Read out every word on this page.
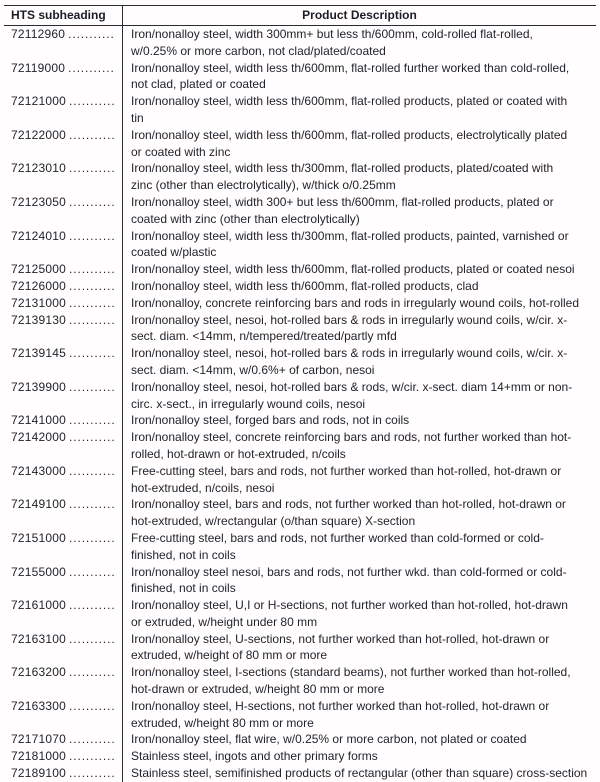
HTS subheading	Product Description
72112960 ...........	Iron/nonalloy steel, width 300mm+ but less th/600mm, cold-rolled flat-rolled,
w/0.25% or more carbon, not clad/plated/coated

72119000 ...........	Iron/nonalloy steel, width less th/600mm, flat-rolled further worked than cold-rolled,
not clad, plated or coated

72121000 ...........	Iron/nonalloy steel, width less th/600mm, flat-rolled products, plated or coated with
tin

72122000 ...........	Iron/nonalloy steel, width less th/600mm, flat-rolled products, electrolytically plated
or coated with zinc

72123010 ...........	Iron/nonalloy steel, width less th/300mm, flat-rolled products, plated/coated with
zinc (other than electrolytically), w/thick o/0.25mm

72123050 ...........	Iron/nonalloy steel, width 300+ but less th/600mm, flat-rolled products, plated or
coated with zinc (other than electrolytically)

72124010 ...........	Iron/nonalloy steel, width less th/300mm, flat-rolled products, painted, varnished or
coated w/plastic

72125000 ...........	Iron/nonalloy steel, width less th/600mm, flat-rolled products, plated or coated nesoi

72126000 ...........	Iron/nonalloy steel, width less th/600mm, flat-rolled products, clad

72131000 ...........	Iron/nonalloy, concrete reinforcing bars and rods in irregularly wound coils, hot-rolled

72139130 ...........	Iron/nonalloy steel, nesoi, hot-rolled bars & rods in irregularly wound coils, w/cir. x-
sect. diam. <14mm, n/tempered/treated/partly mfd

72139145 ...........	Iron/nonalloy steel, nesoi, hot-rolled bars & rods in irregularly wound coils, w/cir. x-
sect. diam. <14mm, w/0.6%+ of carbon, nesoi

72139900 ...........	Iron/nonalloy steel, nesoi, hot-rolled bars & rods, w/cir. x-sect. diam 14+mm or non-
circ. x-sect., in irregularly wound coils, nesoi

72141000 ...........	Iron/nonalloy steel, forged bars and rods, not in coils

72142000 ...........	Iron/nonalloy steel, concrete reinforcing bars and rods, not further worked than hot-
rolled, hot-drawn or hot-extruded, n/coils

72143000 ...........	Free-cutting steel, bars and rods, not further worked than hot-rolled, hot-drawn or
hot-extruded, n/coils, nesoi

72149100 ...........	Iron/nonalloy steel, bars and rods, not further worked than hot-rolled, hot-drawn or
hot-extruded, w/rectangular (o/than square) X-section

72151000 ...........	Free-cutting steel, bars and rods, not further worked than cold-formed or cold-
finished, not in coils

72155000 ...........	Iron/nonalloy steel nesoi, bars and rods, not further wkd. than cold-formed or cold-
finished, not in coils

72161000 ...........	Iron/nonalloy steel, U,I or H-sections, not further worked than hot-rolled, hot-drawn
or extruded, w/height under 80 mm

72163100 ...........	Iron/nonalloy steel, U-sections, not further worked than hot-rolled, hot-drawn or
extruded, w/height of 80 mm or more

72163200 ...........	Iron/nonalloy steel, I-sections (standard beams), not further worked than hot-rolled,
hot-drawn or extruded, w/height 80 mm or more

72163300 ...........	Iron/nonalloy steel, H-sections, not further worked than hot-rolled, hot-drawn or
extruded, w/height 80 mm or more

72171070 ...........	Iron/nonalloy steel, flat wire, w/0.25% or more carbon, not plated or coated

72181000 ...........	Stainless steel, ingots and other primary forms

72189100 ...........	Stainless steel, semifinished products of rectangular (other than square) cross-section
